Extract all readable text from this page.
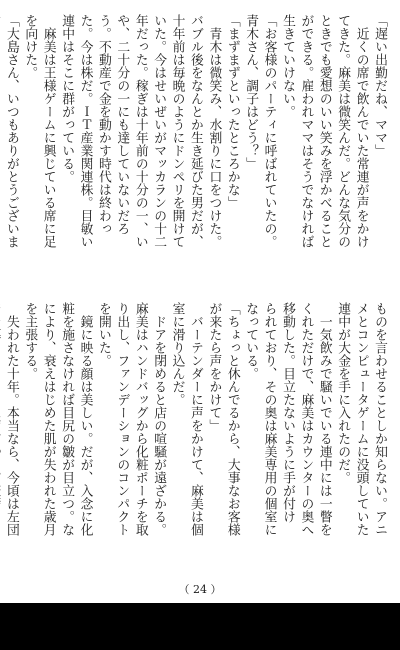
「遅い出勤だね、ママ」
　近くの席で飲んでいた常連が声をかけ
てきた。麻美は微笑んだ。どんな気分の
ときでも愛想のいい笑みを浮かべること
ができる。雇われママはそうでなければ
生きていけない。
「お客様のパーティに呼ばれていたの。
青木さん、調子はどう？」
「まずまずといったところかな」
　青木は微笑み、水割りに口をつけた。
バブル後をなんとか生き延びた男だが、
十年前は毎晩のようにドンペリを開けて
いた。今はせいぜいがマッカランの十二
年だった。稼ぎは十年前の十分の一、い
や、二十分の一にも達していないだろ
う。不動産で金を動かす時代は終わっ
た。今は株だ。ＩＴ産業関連株。目敏い
連中はそこに群がっている。
　麻美は王様ゲームに興じている席に足
を向けた。
「大島さん、いつもありがとうございま

ものを言わせることしか知らない。アニ
メとコンピュータゲームに没頭していた
連中が大金を手に入れたのだ。
　一気飲みで騒いでいる連中には一瞥を
くれただけで、麻美はカウンターの奥へ
移動した。目立たないように手が付け
られており、その奥は麻美専用の個室に
なっている。
「ちょっと休んでるから、大事なお客様
が来たら声をかけて」
　バーテンダーに声をかけて、麻美は個
室に滑り込んだ。
　ドアを閉めると店の喧騒が遠ざかる。
麻美はハンドバッグから化粧ポーチを取
り出し、ファンデーションのコンパクト
を開いた。
　鏡に映る顔は美しい。だが、入念に化
粧を施さなければ目尻の皺が目立つ。な
により、衰えはじめた肌が失われた歳月
を主張する。
　失われた十年。本当なら、今頃は左団

（ 24 ）
